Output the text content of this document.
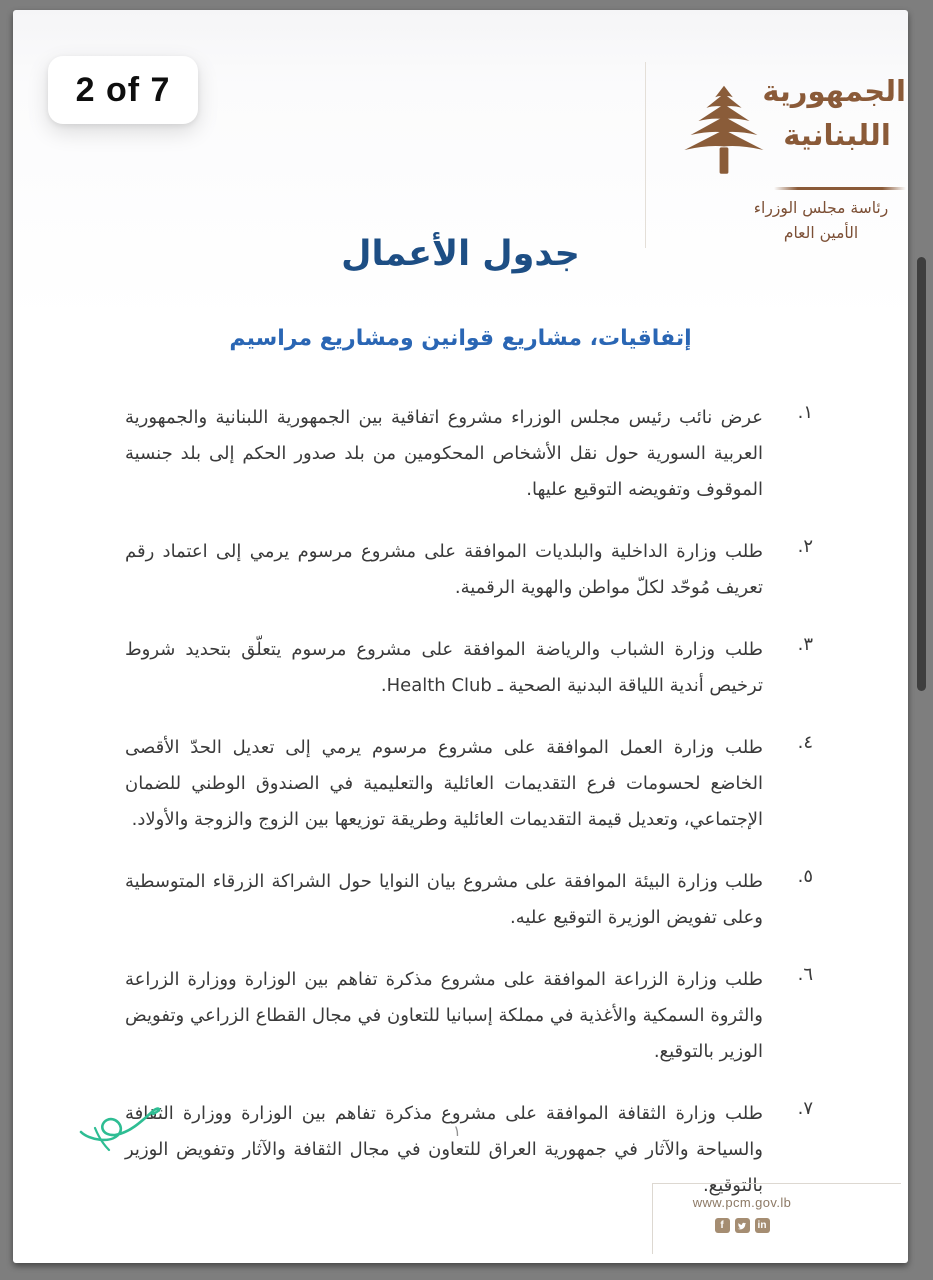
2 of 7	الجمهورية
اللبنانية
رئاسة مجلس الوزراء
الأمين العام
جدول الأعمال
إتفاقيات، مشاريع قوانين ومشاريع مراسيم
١.
عرض نائب رئيس مجلس الوزراء مشروع اتفاقية بين الجمهورية اللبنانية والجمهورية العربية السورية حول نقل الأشخاص المحكومين من بلد صدور الحكم إلى بلد جنسية الموقوف وتفويضه التوقيع عليها.
٢.
طلب وزارة الداخلية والبلديات الموافقة على مشروع مرسوم يرمي إلى اعتماد رقم تعريف مُوحّد لكلّ مواطن والهوية الرقمية.
٣.
طلب وزارة الشباب والرياضة الموافقة على مشروع مرسوم يتعلّق بتحديد شروط ترخيص أندية اللياقة البدنية الصحية ـ Health Club.
٤.
طلب وزارة العمل الموافقة على مشروع مرسوم يرمي إلى تعديل الحدّ الأقصى الخاضع لحسومات فرع التقديمات العائلية والتعليمية في الصندوق الوطني للضمان الإجتماعي، وتعديل قيمة التقديمات العائلية وطريقة توزيعها بين الزوج والزوجة والأولاد.
٥.
طلب وزارة البيئة الموافقة على مشروع بيان النوايا حول الشراكة الزرقاء المتوسطية وعلى تفويض الوزيرة التوقيع عليه.
٦.
طلب وزارة الزراعة الموافقة على مشروع مذكرة تفاهم بين الوزارة ووزارة الزراعة والثروة السمكية والأغذية في مملكة إسبانيا للتعاون في مجال القطاع الزراعي وتفويض الوزير بالتوقيع.
٧.
طلب وزارة الثقافة الموافقة على مشروع مذكرة تفاهم بين الوزارة ووزارة الثقافة والسياحة والآثار في جمهورية العراق للتعاون في مجال الثقافة والآثار وتفويض الوزير بالتوقيع.
١
www.pcm.gov.lb
f	in
